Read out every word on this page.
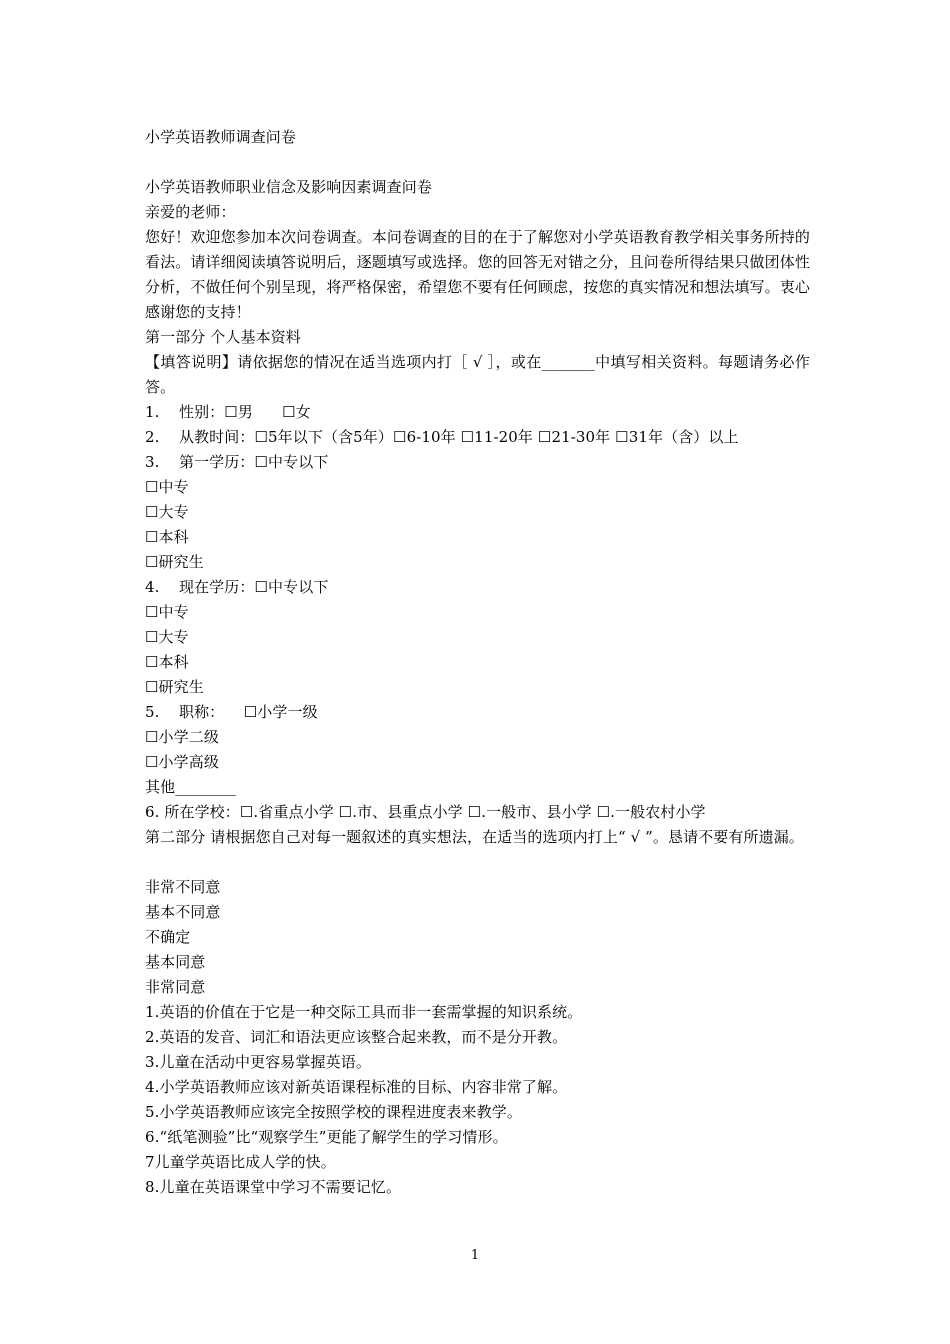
小学英语教师调查问卷
小学英语教师职业信念及影响因素调查问卷
亲爱的老师：
您好！欢迎您参加本次问卷调查。本问卷调查的目的在于了解您对小学英语教育教学相关事务所持的看法。请详细阅读填答说明后，逐题填写或选择。您的回答无对错之分，且问卷所得结果只做团体性分析，不做任何个别呈现，将严格保密，希望您不要有任何顾虑，按您的真实情况和想法填写。衷心感谢您的支持！
第一部分 个人基本资料
【填答说明】请依据您的情况在适当选项内打［ √ ］，或在_______中填写相关资料。每题请务必作答。
1.    性别：☐男      ☐女
2.    从教时间：☐5年以下（含5年）☐6-10年 ☐11-20年 ☐21-30年 ☐31年（含）以上
3.    第一学历：☐中专以下
☐中专
☐大专
☐本科
☐研究生
4.    现在学历：☐中专以下
☐中专
☐大专
☐本科
☐研究生
5.    职称：    ☐小学一级
☐小学二级
☐小学高级
其他________
6. 所在学校：☐.省重点小学 ☐.市、县重点小学 ☐.一般市、县小学 ☐.一般农村小学
第二部分 请根据您自己对每一题叙述的真实想法，在适当的选项内打上“ √ ”。恳请不要有所遗漏。
非常不同意
基本不同意
不确定
基本同意
非常同意
1.英语的价值在于它是一种交际工具而非一套需掌握的知识系统。
2.英语的发音、词汇和语法更应该整合起来教，而不是分开教。
3.儿童在活动中更容易掌握英语。
4.小学英语教师应该对新英语课程标准的目标、内容非常了解。
5.小学英语教师应该完全按照学校的课程进度表来教学。
6.“纸笔测验”比“观察学生”更能了解学生的学习情形。
7儿童学英语比成人学的快。
8.儿童在英语课堂中学习不需要记忆。
1
